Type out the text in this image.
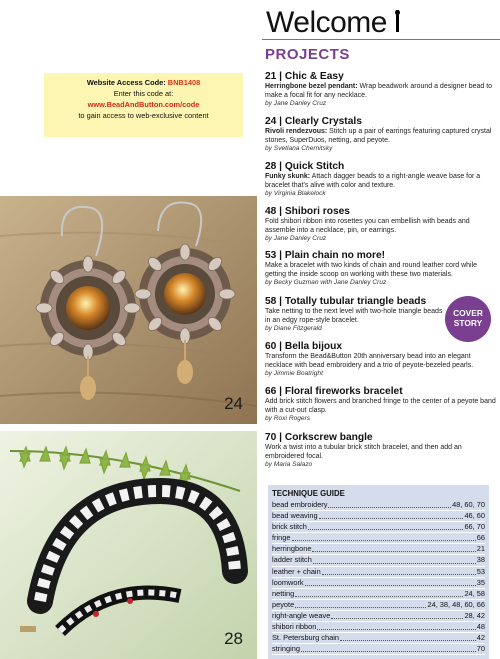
Website Access Code: BNB1408
Enter this code at:
www.BeadAndButton.com/code
to gain access to web-exclusive content
24
28
Welcome
PROJECTS
21 | Chic & Easy
Herringbone bezel pendant: Wrap beadwork around a designer bead to make a focal fit for any necklace.
by Jane Danley Cruz
24 | Clearly Crystals
Rivoli rendezvous: Stitch up a pair of earrings featuring captured crystal stones, SuperDuos, netting, and peyote.
by Svetlana Chernitsky
28 | Quick Stitch
Funky skunk: Attach dagger beads to a right-angle weave base for a bracelet that's alive with color and texture.
by Virginia Blakelock
48 | Shibori roses
Fold shibori ribbon into rosettes you can embellish with beads and assemble into a necklace, pin, or earrings.
by Jane Danley Cruz
53 | Plain chain no more!
Make a bracelet with two kinds of chain and round leather cord while getting the inside scoop on working with these two materials.
by Becky Guzman with Jane Danley Cruz
58 | Totally tubular triangle beads
Take netting to the next level with two-hole triangle beads in an edgy rope-style bracelet.
by Diane Fitzgerald
COVER
STORY
60 | Bella bijoux
Transform the Bead&Button 20th anniversary bead into an elegant necklace with bead embroidery and a trio of peyote-bezeled pearls.
by Jimmie Boatright
66 | Floral fireworks bracelet
Add brick stitch flowers and branched fringe to the center of a peyote band with a cut-out clasp.
by Roxi Rogers
70 | Corkscrew bangle
Work a twist into a tubular brick stitch bracelet, and then add an embroidered focal.
by Maria Salazo
TECHNIQUE GUIDE
bead embroidery	48, 60, 70
bead weaving	46, 60
brick stitch	66, 70
fringe	66
herringbone	21
ladder stitch	38
leather + chain	53
loomwork	35
netting	24, 58
peyote	24, 38, 48, 60, 66
right-angle weave	28, 42
shibori ribbon	48
St. Petersburg chain	42
stringing	70
